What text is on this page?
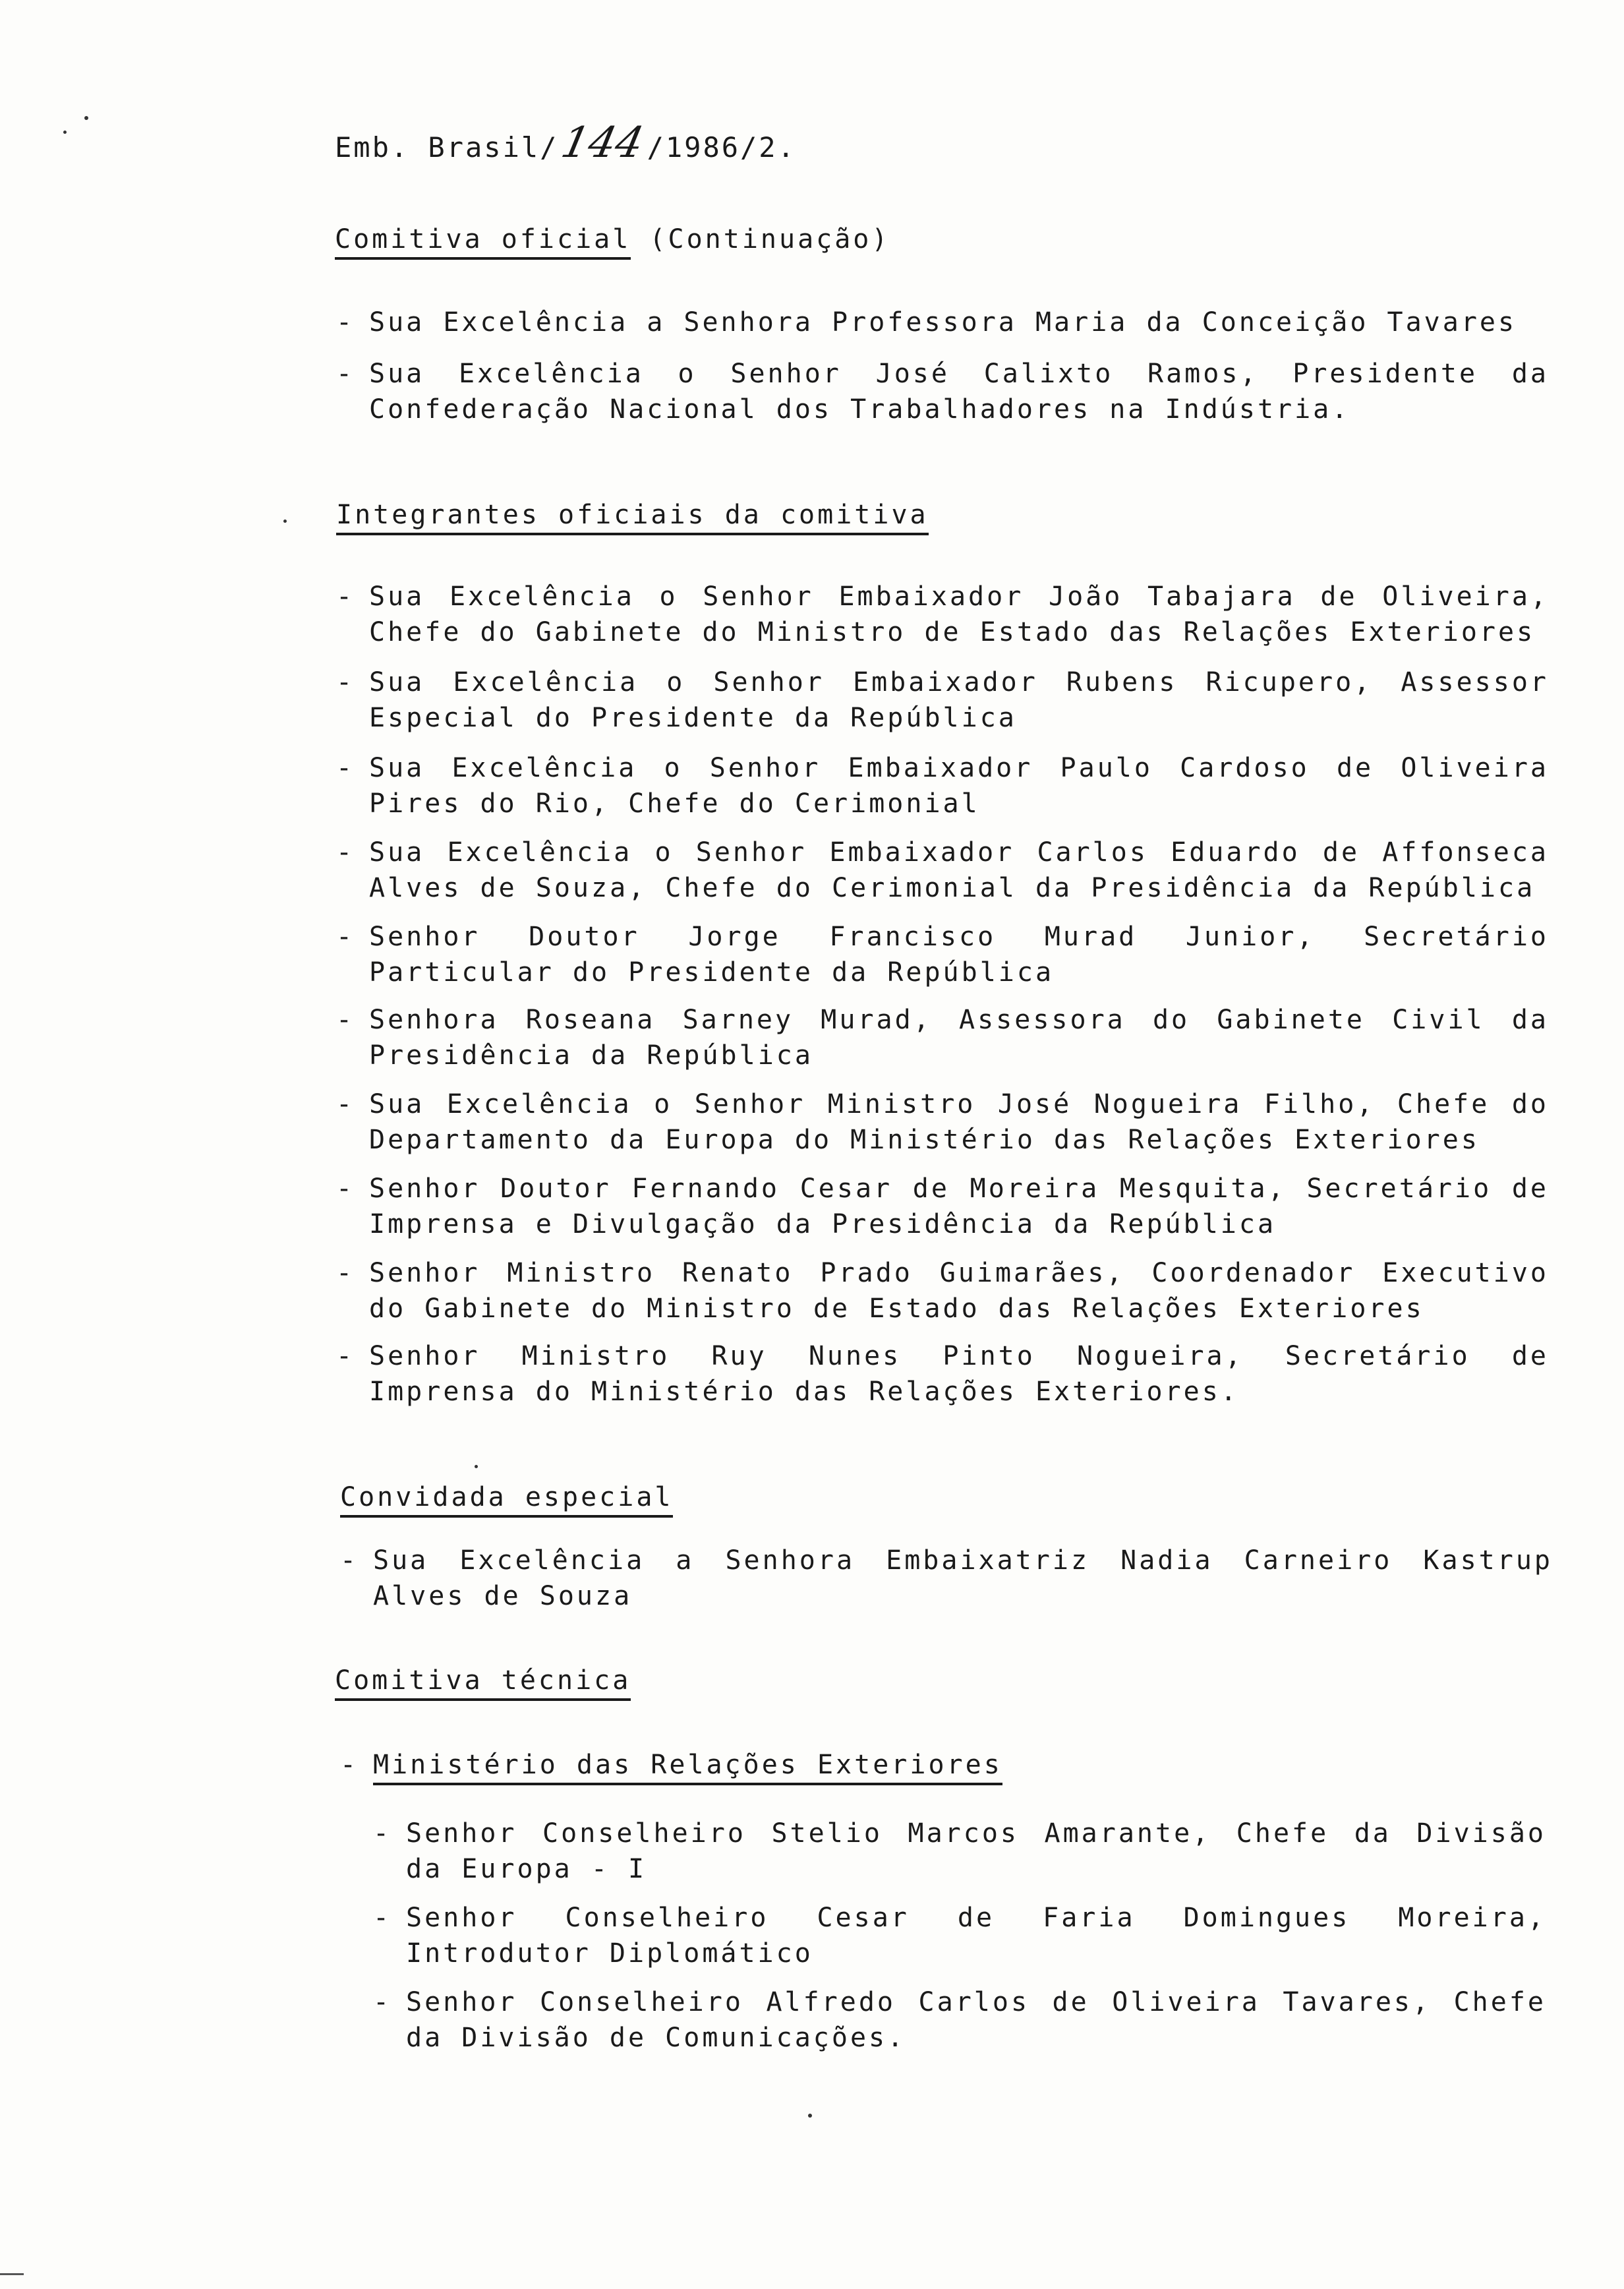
Emb. Brasil/144/1986/2.
Comitiva oficial (Continuação)
- Sua Excelência a Senhora Professora Maria da Conceição Tavares
- Sua Excelência o Senhor José Calixto Ramos, Presidente da Confederação Nacional dos Trabalhadores na Indústria.
Integrantes oficiais da comitiva
- Sua Excelência o Senhor Embaixador João Tabajara de Oliveira, Chefe do Gabinete do Ministro de Estado das Relações Exteriores
- Sua Excelência o Senhor Embaixador Rubens Ricupero, Assessor Especial do Presidente da República
- Sua Excelência o Senhor Embaixador Paulo Cardoso de Oliveira Pires do Rio, Chefe do Cerimonial
- Sua Excelência o Senhor Embaixador Carlos Eduardo de Affonseca Alves de Souza, Chefe do Cerimonial da Presidência da República
- Senhor Doutor Jorge Francisco Murad Junior, Secretário Particular do Presidente da República
- Senhora Roseana Sarney Murad, Assessora do Gabinete Civil da Presidência da República
- Sua Excelência o Senhor Ministro José Nogueira Filho, Chefe do Departamento da Europa do Ministério das Relações Exteriores
- Senhor Doutor Fernando Cesar de Moreira Mesquita, Secretário de Imprensa e Divulgação da Presidência da República
- Senhor Ministro Renato Prado Guimarães, Coordenador Executivo do Gabinete do Ministro de Estado das Relações Exteriores
- Senhor Ministro Ruy Nunes Pinto Nogueira, Secretário de Imprensa do Ministério das Relações Exteriores.
Convidada especial
- Sua Excelência a Senhora Embaixatriz Nadia Carneiro Kastrup Alves de Souza
Comitiva técnica
- Ministério das Relações Exteriores
- Senhor Conselheiro Stelio Marcos Amarante, Chefe da Divisão da Europa - I
- Senhor Conselheiro Cesar de Faria Domingues Moreira, Introdutor Diplomático
- Senhor Conselheiro Alfredo Carlos de Oliveira Tavares, Chefe da Divisão de Comunicações.
